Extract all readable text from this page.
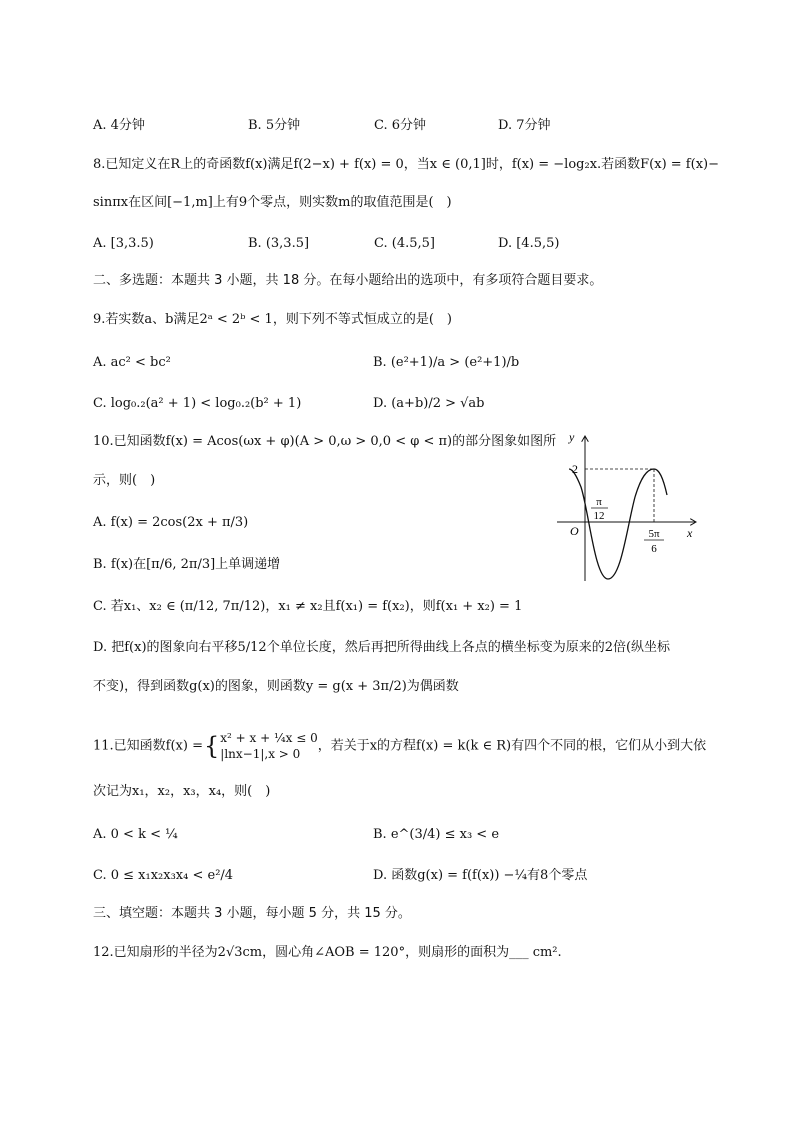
A. 4分钟	B. 5分钟	C. 6分钟	D. 7分钟
8.已知定义在R上的奇函数f(x)满足f(2−x) + f(x) = 0，当x ∈ (0,1]时，f(x) = −log₂x.若函数F(x) = f(x)−
sinπx在区间[−1,m]上有9个零点，则实数m的取值范围是(　)
A. [3,3.5)	B. (3,3.5]	C. (4.5,5]	D. [4.5,5)
二、多选题：本题共 3 小题，共 18 分。在每小题给出的选项中，有多项符合题目要求。
9.若实数a、b满足2ᵃ < 2ᵇ < 1，则下列不等式恒成立的是(　)
A. ac² < bc²	B. (e²+1)/a > (e²+1)/b
C. log₀.₂(a² + 1) < log₀.₂(b² + 1)	D. (a+b)/2 > √ab
10.已知函数f(x) = Acos(ωx + φ)(A > 0,ω > 0,0 < φ < π)的部分图象如图所
示，则(　)
A. f(x) = 2cos(2x + π/3)
B. f(x)在[π/6, 2π/3]上单调递增
C. 若x₁、x₂ ∈ (π/12, 7π/12)，x₁ ≠ x₂且f(x₁) = f(x₂)，则f(x₁ + x₂) = 1
D. 把f(x)的图象向右平移5/12个单位长度，然后再把所得曲线上各点的横坐标变为原来的2倍(纵坐标
不变)，得到函数g(x)的图象，则函数y = g(x + 3π/2)为偶函数
y
x
O
2
π
12
5π
6
11.已知函数f(x) ={ x² + x + ¼x ≤ 0
|lnx−1|,x > 0
，若关于x的方程f(x) = k(k ∈ R)有四个不同的根，它们从小到大依
次记为x₁，x₂，x₃，x₄，则(　)
A. 0 < k < ¼	B. e^(3/4) ≤ x₃ < e
C. 0 ≤ x₁x₂x₃x₄ < e²/4	D. 函数g(x) = f(f(x)) −¼有8个零点
三、填空题：本题共 3 小题，每小题 5 分，共 15 分。
12.已知扇形的半径为2√3cm，圆心角∠AOB = 120°，则扇形的面积为___ cm².
